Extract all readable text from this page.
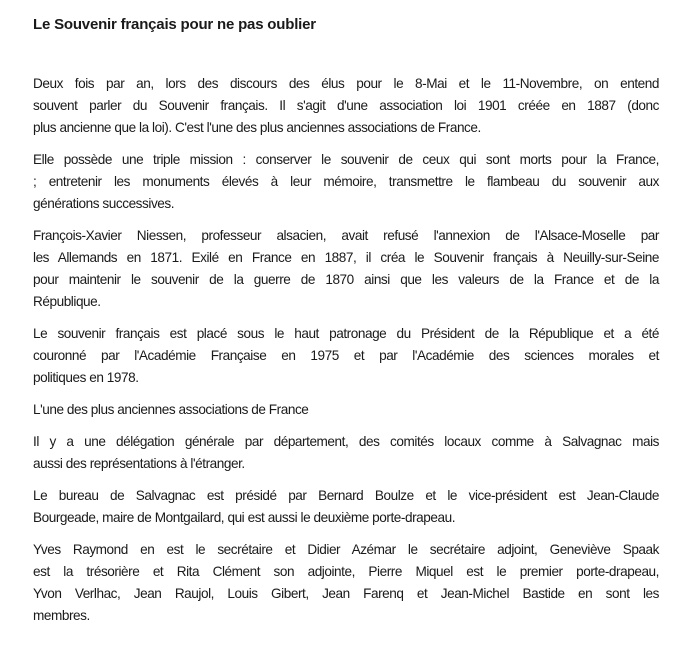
Le Souvenir français pour ne pas oublier

Deux fois par an, lors des discours des élus pour le 8-Mai et le 11-Novembre, on entend
souvent parler du Souvenir français. Il s'agit d'une association loi 1901 créée en 1887 (donc
plus ancienne que la loi). C'est l'une des plus anciennes associations de France.

Elle possède une triple mission : conserver le souvenir de ceux qui sont morts pour la France,
; entretenir les monuments élevés à leur mémoire, transmettre le flambeau du souvenir aux
générations successives.

François-Xavier Niessen, professeur alsacien, avait refusé l'annexion de l'Alsace-Moselle par
les Allemands en 1871. Exilé en France en 1887, il créa le Souvenir français à Neuilly-sur-Seine
pour maintenir le souvenir de la guerre de 1870 ainsi que les valeurs de la France et de la
République.

Le souvenir français est placé sous le haut patronage du Président de la République et a été
couronné par l'Académie Française en 1975 et par l'Académie des sciences morales et
politiques en 1978.

L'une des plus anciennes associations de France

Il y a une délégation générale par département, des comités locaux comme à Salvagnac mais
aussi des représentations à l'étranger.

Le bureau de Salvagnac est présidé par Bernard Boulze et le vice-président est Jean-Claude
Bourgeade, maire de Montgailard, qui est aussi le deuxième porte-drapeau.

Yves Raymond en est le secrétaire et Didier Azémar le secrétaire adjoint, Geneviève Spaak
est la trésorière et Rita Clément son adjointe, Pierre Miquel est le premier porte-drapeau,
Yvon Verlhac, Jean Raujol, Louis Gibert, Jean Farenq et Jean-Michel Bastide en sont les
membres.
